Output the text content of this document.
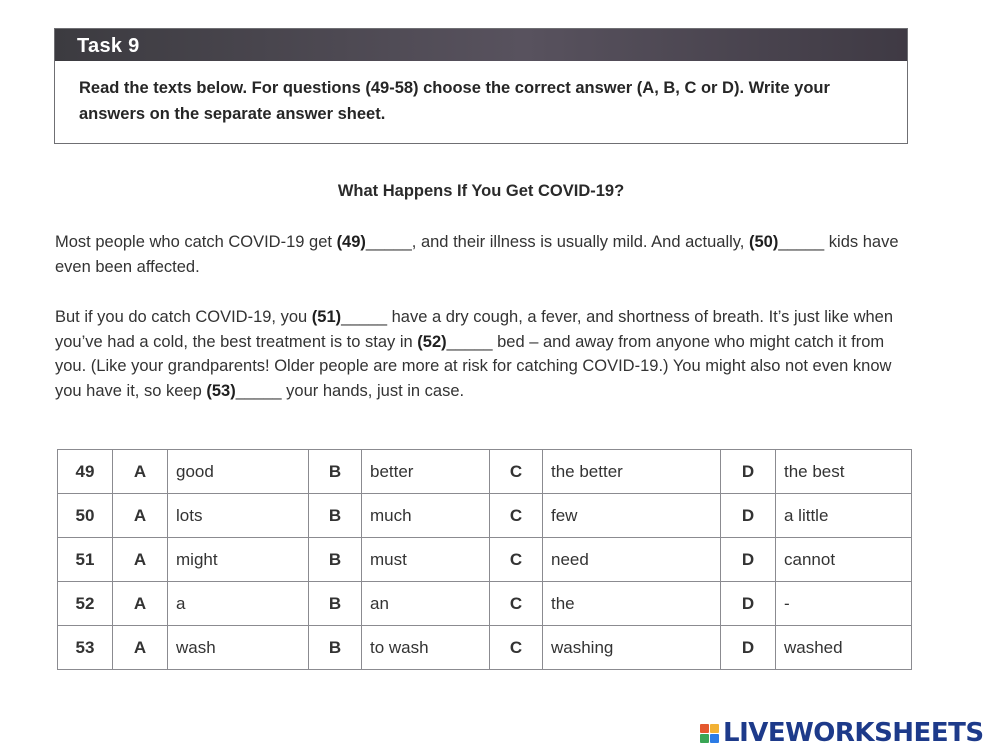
Task 9
Read the texts below. For questions (49-58) choose the correct answer (A, B, C or D). Write your answers on the separate answer sheet.
What Happens If You Get COVID-19?
Most people who catch COVID-19 get (49)_____, and their illness is usually mild. And actually, (50)_____ kids have even been affected.
But if you do catch COVID-19, you (51)_____ have a dry cough, a fever, and shortness of breath. It’s just like when you’ve had a cold, the best treatment is to stay in (52)_____ bed – and away from anyone who might catch it from you. (Like your grandparents! Older people are more at risk for catching COVID-19.) You might also not even know you have it, so keep (53)_____ your hands, just in case.
49	A	good	B	better	C	the better	D	the best
50	A	lots	B	much	C	few	D	a little
51	A	might	B	must	C	need	D	cannot
52	A	a	B	an	C	the	D	-
53	A	wash	B	to wash	C	washing	D	washed
LIVEWORKSHEETS
